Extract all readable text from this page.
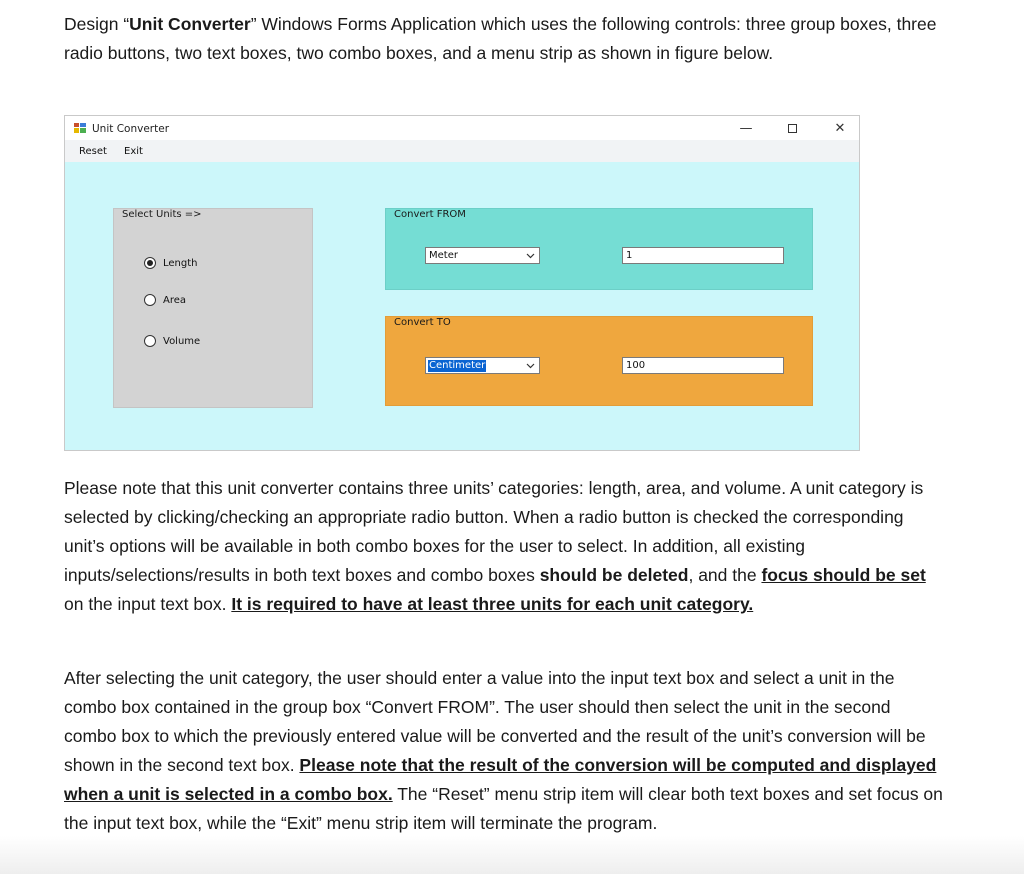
Design “Unit Converter” Windows Forms Application which uses the following controls: three group boxes, three radio buttons, two text boxes, two combo boxes, and a menu strip as shown in figure below.

Unit Converter	—	✕
Reset Exit
Select Units =>
Length
Area
Volume
Convert FROM
Meter	1
Convert TO
Centimeter	100

Please note that this unit converter contains three units’ categories: length, area, and volume. A unit category is selected by clicking/checking an appropriate radio button. When a radio button is checked the corresponding unit’s options will be available in both combo boxes for the user to select. In addition, all existing inputs/selections/results in both text boxes and combo boxes should be deleted, and the focus should be set on the input text box. It is required to have at least three units for each unit category.

After selecting the unit category, the user should enter a value into the input text box and select a unit in the combo box contained in the group box “Convert FROM”. The user should then select the unit in the second combo box to which the previously entered value will be converted and the result of the unit’s conversion will be shown in the second text box. Please note that the result of the conversion will be computed and displayed when a unit is selected in a combo box. The “Reset” menu strip item will clear both text boxes and set focus on the input text box, while the “Exit” menu strip item will terminate the program.
